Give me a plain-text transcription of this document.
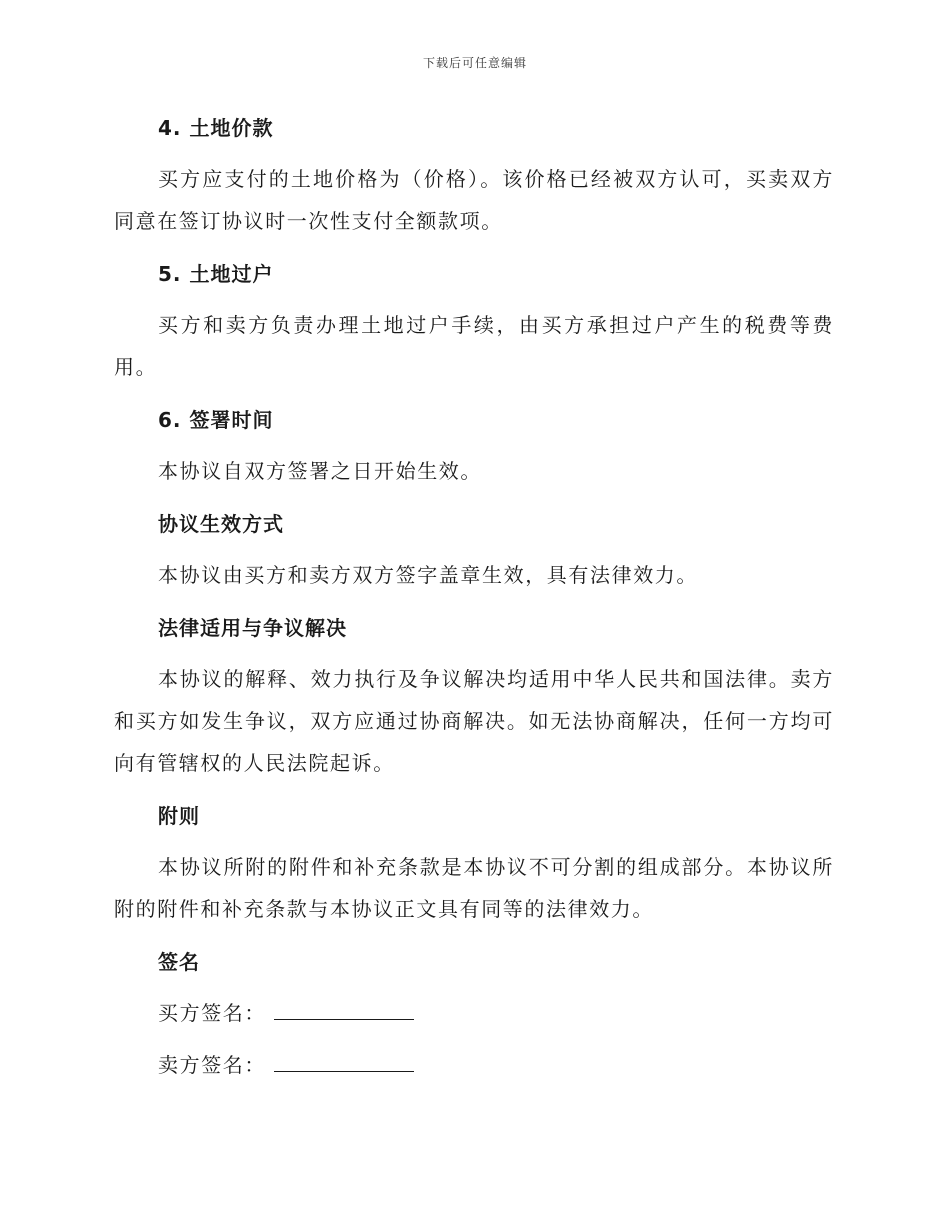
下载后可任意编辑
4. 土地价款

买方应支付的土地价格为（价格）。该价格已经被双方认可，买卖双方同意在签订协议时一次性支付全额款项。

5. 土地过户

买方和卖方负责办理土地过户手续，由买方承担过户产生的税费等费用。

6. 签署时间

本协议自双方签署之日开始生效。

协议生效方式

本协议由买方和卖方双方签字盖章生效，具有法律效力。

法律适用与争议解决

本协议的解释、效力执行及争议解决均适用中华人民共和国法律。卖方和买方如发生争议，双方应通过协商解决。如无法协商解决，任何一方均可向有管辖权的人民法院起诉。

附则

本协议所附的附件和补充条款是本协议不可分割的组成部分。本协议所附的附件和补充条款与本协议正文具有同等的法律效力。

签名
买方签名：
卖方签名：
